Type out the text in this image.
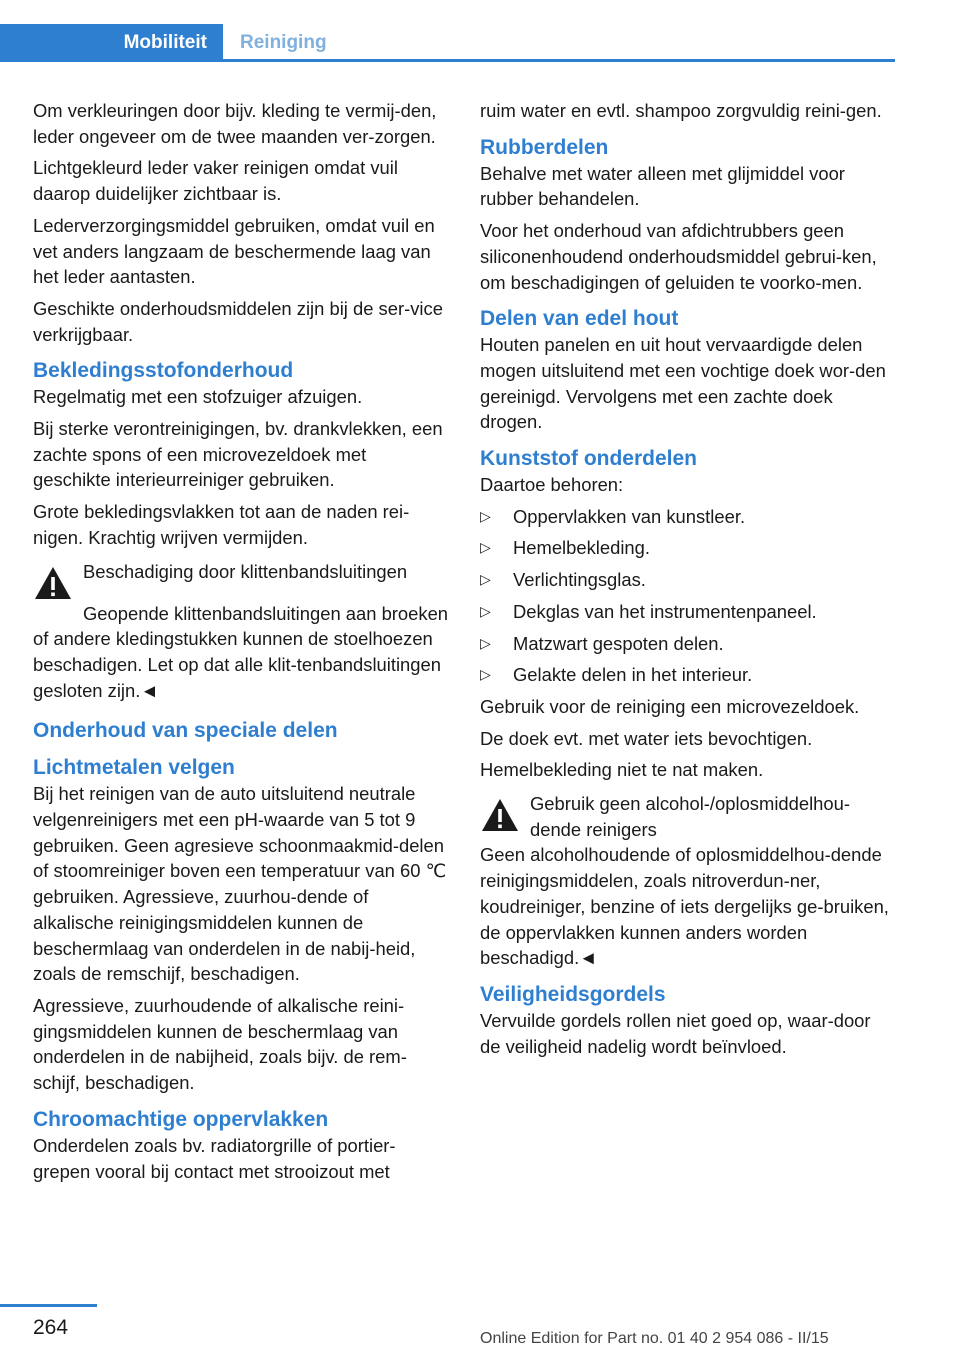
Mobiliteit	Reiniging

Om verkleuringen door bijv. kleding te vermij-den, leder ongeveer om de twee maanden ver-zorgen.

Lichtgekleurd leder vaker reinigen omdat vuil daarop duidelijker zichtbaar is.

Lederverzorgingsmiddel gebruiken, omdat vuil en vet anders langzaam de beschermende laag van het leder aantasten.

Geschikte onderhoudsmiddelen zijn bij de ser-vice verkrijgbaar.

Bekledingsstofonderhoud

Regelmatig met een stofzuiger afzuigen.

Bij sterke verontreinigingen, bv. drankvlekken, een zachte spons of een microvezeldoek met geschikte interieurreiniger gebruiken.

Grote bekledingsvlakken tot aan de naden rei-nigen. Krachtig wrijven vermijden.

Beschadiging door klittenbandsluitingen

Geopende klittenbandsluitingen aan broeken of andere kledingstukken kunnen de stoelhoezen beschadigen. Let op dat alle klit-tenbandsluitingen gesloten zijn.◄

Onderhoud van speciale delen
Lichtmetalen velgen

Bij het reinigen van de auto uitsluitend neutrale velgenreinigers met een pH-waarde van 5 tot 9 gebruiken. Geen agresieve schoonmaakmid-delen of stoomreiniger boven een temperatuur van 60 ℃ gebruiken. Agressieve, zuurhou-dende of alkalische reinigingsmiddelen kunnen de beschermlaag van onderdelen in de nabij-heid, zoals de remschijf, beschadigen.

Agressieve, zuurhoudende of alkalische reini-gingsmiddelen kunnen de beschermlaag van onderdelen in de nabijheid, zoals bijv. de rem-schijf, beschadigen.

Chroomachtige oppervlakken

Onderdelen zoals bv. radiatorgrille of portier-grepen vooral bij contact met strooizout met

ruim water en evtl. shampoo zorgvuldig reini-gen.

Rubberdelen

Behalve met water alleen met glijmiddel voor rubber behandelen.

Voor het onderhoud van afdichtrubbers geen siliconenhoudend onderhoudsmiddel gebrui-ken, om beschadigingen of geluiden te voorko-men.

Delen van edel hout

Houten panelen en uit hout vervaardigde delen mogen uitsluitend met een vochtige doek wor-den gereinigd. Vervolgens met een zachte doek drogen.

Kunststof onderdelen

Daartoe behoren:

▷ Oppervlakken van kunstleer.
▷ Hemelbekleding.
▷ Verlichtingsglas.
▷ Dekglas van het instrumentenpaneel.
▷ Matzwart gespoten delen.
▷ Gelakte delen in het interieur.

Gebruik voor de reiniging een microvezeldoek.

De doek evt. met water iets bevochtigen.

Hemelbekleding niet te nat maken.

Gebruik geen alcohol-/oplosmiddelhou-dende reinigers

Geen alcoholhoudende of oplosmiddelhou-dende reinigingsmiddelen, zoals nitroverdun-ner, koudreiniger, benzine of iets dergelijks ge-bruiken, de oppervlakken kunnen anders worden beschadigd.◄

Veiligheidsgordels

Vervuilde gordels rollen niet goed op, waar-door de veiligheid nadelig wordt beïnvloed.

264	Online Edition for Part no. 01 40 2 954 086 - II/15
